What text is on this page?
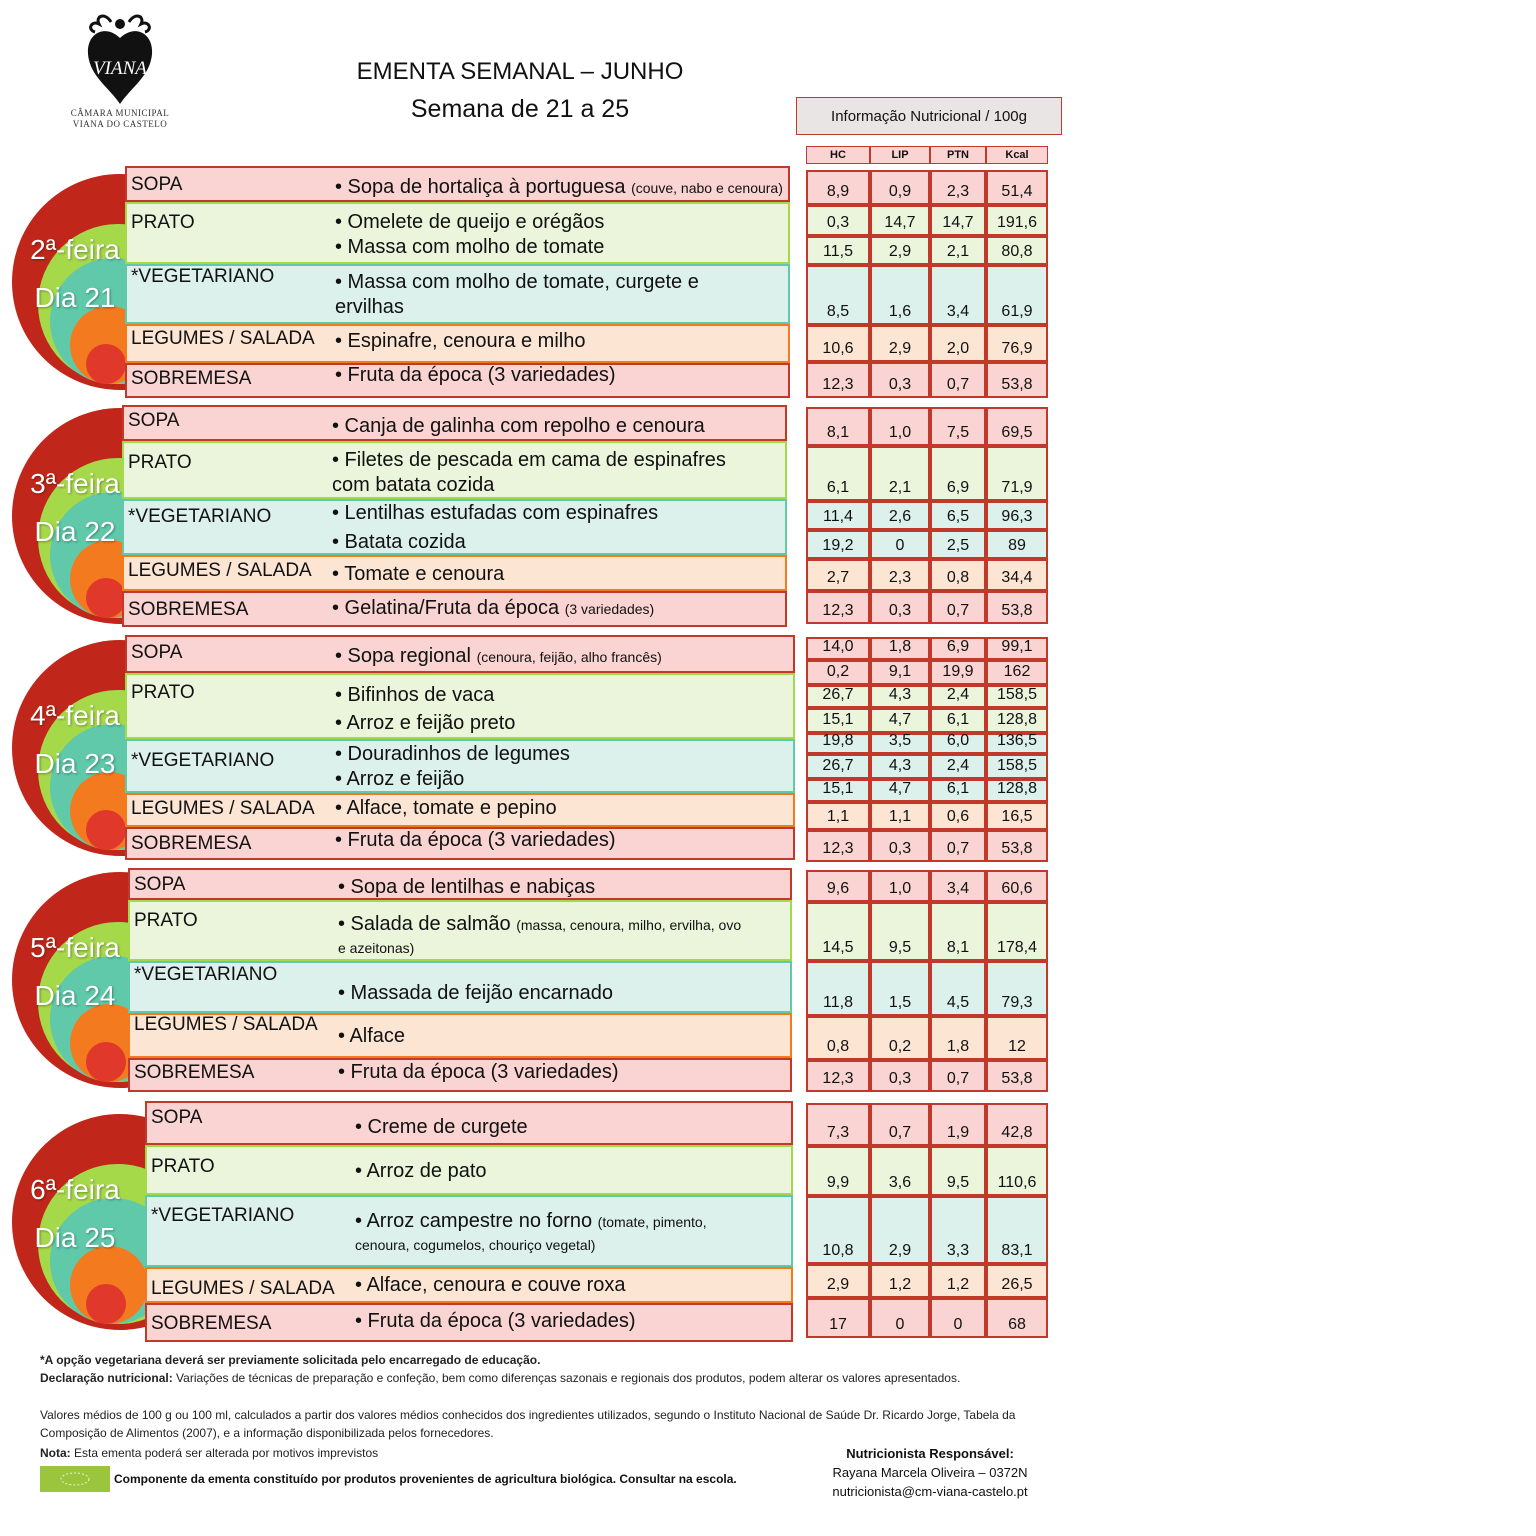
VIANA
CÂMARA MUNICIPAL
VIANA DO CASTELO
EMENTA SEMANAL – JUNHO
Semana de 21 a 25	Informação Nutricional / 100g
HC	LIP	PTN	Kcal
SOPA	• Sopa de hortaliça à portuguesa (couve, nabo e cenoura)
PRATO	• Omelete de queijo e orégãos
• Massa com molho de tomate
*VEGETARIANO	• Massa com molho de tomate, curgete e
ervilhas
LEGUMES / SALADA • Espinafre, cenoura e milho
SOBREMESA	• Fruta da época (3 variedades)
2ª-feira
Dia 21
8,9	0,9	2,3	51,4
0,3	14,7	14,7	191,6
11,5	2,9	2,1	80,8
8,5	1,6	3,4	61,9
10,6	2,9	2,0	76,9
12,3	0,3	0,7	53,8
SOPA	• Canja de galinha com repolho e cenoura
PRATO	• Filetes de pescada em cama de espinafres
com batata cozida
*VEGETARIANO	• Lentilhas estufadas com espinafres
• Batata cozida
LEGUMES / SALADA • Tomate e cenoura
SOBREMESA	• Gelatina/Fruta da época (3 variedades)
3ª-feira
Dia 22
8,1	1,0	7,5	69,5
6,1	2,1	6,9	71,9
11,4	2,6	6,5	96,3
19,2	0	2,5	89
2,7	2,3	0,8	34,4
12,3	0,3	0,7	53,8
SOPA	• Sopa regional (cenoura, feijão, alho francês)
PRATO	• Bifinhos de vaca
• Arroz e feijão preto
*VEGETARIANO	• Douradinhos de legumes
• Arroz e feijão
LEGUMES / SALADA • Alface, tomate e pepino
SOBREMESA	• Fruta da época (3 variedades)
4ª-feira
Dia 23
14,0	1,8	6,9	99,1
0,2	9,1	19,9	162
26,7	4,3	2,4	158,5
15,1	4,7	6,1	128,8
19,8	3,5	6,0	136,5
26,7	4,3	2,4	158,5
15,1	4,7	6,1	128,8
1,1	1,1	0,6	16,5
12,3	0,3	0,7	53,8
SOPA	• Sopa de lentilhas e nabiças
PRATO	• Salada de salmão (massa, cenoura, milho, ervilha, ovo
e azeitonas)
*VEGETARIANO
• Massada de feijão encarnado
LEGUMES / SALADA
• Alface
SOBREMESA	• Fruta da época (3 variedades)
5ª-feira
Dia 24
9,6	1,0	3,4	60,6
14,5	9,5	8,1	178,4
11,8	1,5	4,5	79,3
0,8	0,2	1,8	12
12,3	0,3	0,7	53,8
SOPA	• Creme de curgete
PRATO	• Arroz de pato
*VEGETARIANO	• Arroz campestre no forno (tomate, pimento,
cenoura, cogumelos, chouriço vegetal)
LEGUMES / SALADA • Alface, cenoura e couve roxa
SOBREMESA	• Fruta da época (3 variedades)
6ª-feira
Dia 25
7,3	0,7	1,9	42,8
9,9	3,6	9,5	110,6
10,8	2,9	3,3	83,1
2,9	1,2	1,2	26,5
17	0	0	68
*A opção vegetariana deverá ser previamente solicitada pelo encarregado de educação.
Declaração nutricional: Variações de técnicas de preparação e confeção, bem como diferenças sazonais e regionais dos produtos, podem alterar os valores apresentados.
Valores médios de 100 g ou 100 ml, calculados a partir dos valores médios conhecidos dos ingredientes utilizados, segundo o Instituto Nacional de Saúde Dr. Ricardo Jorge, Tabela da Composição de Alimentos (2007), e a informação disponibilizada pelos fornecedores.
Nota: Esta ementa poderá ser alterada por motivos imprevistos
Componente da ementa constituído por produtos provenientes de agricultura biológica. Consultar na escola.
Nutricionista Responsável:
Rayana Marcela Oliveira – 0372N
nutricionista@cm-viana-castelo.pt
